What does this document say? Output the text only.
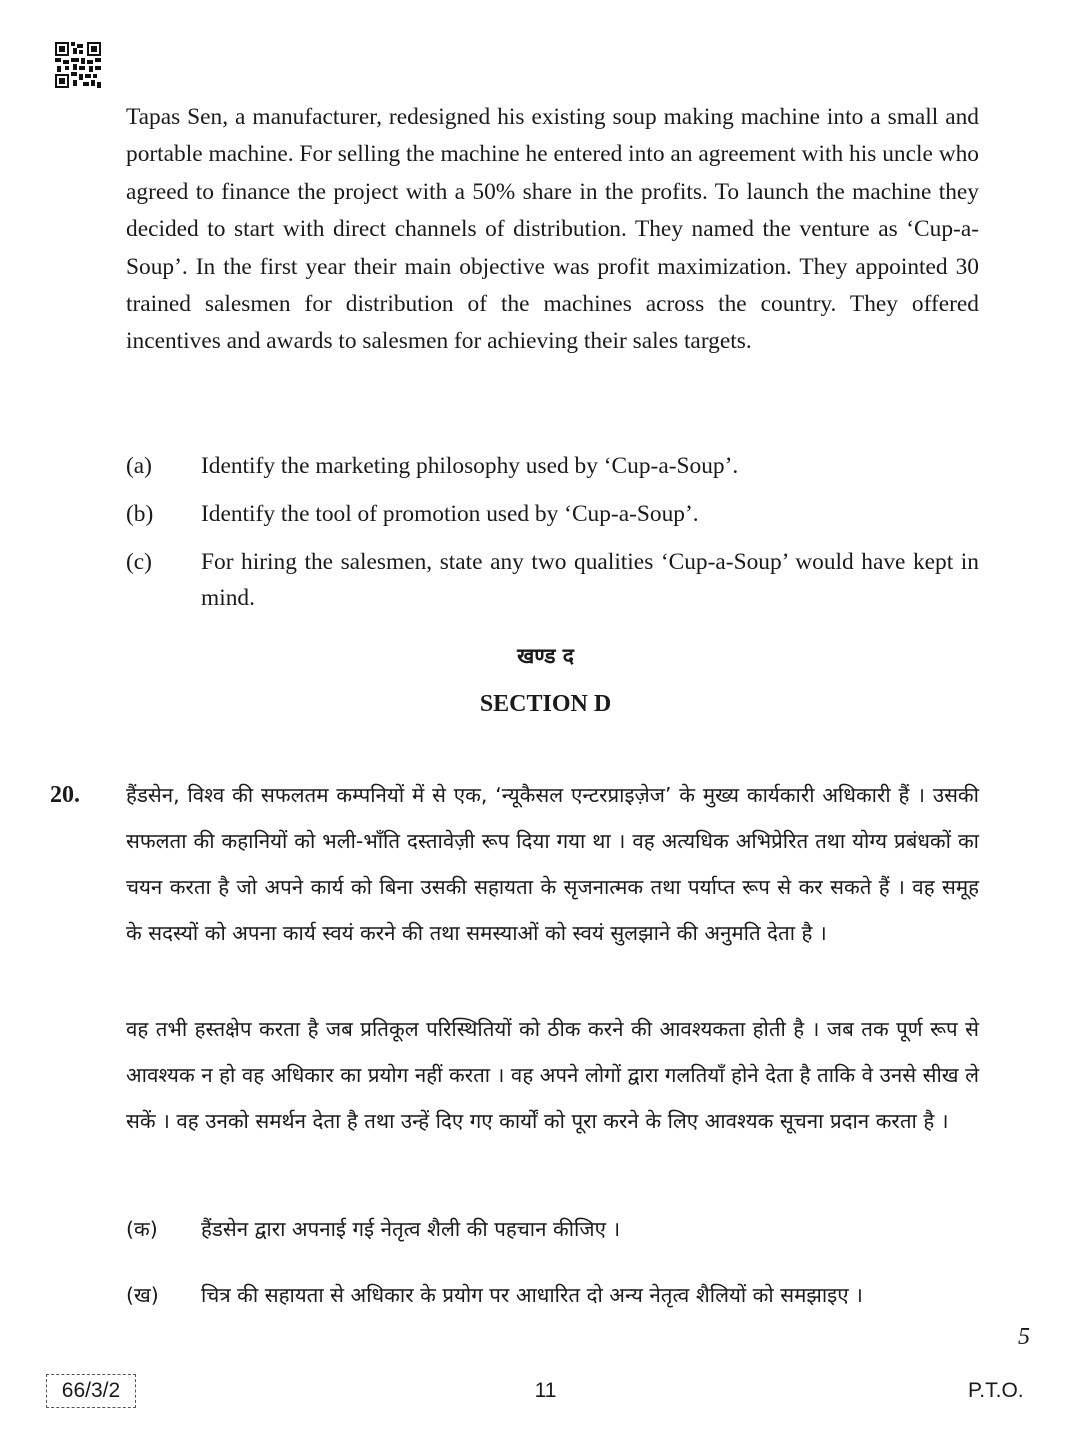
Tapas Sen, a manufacturer, redesigned his existing soup making machine into a small and portable machine. For selling the machine he entered into an agreement with his uncle who agreed to finance the project with a 50% share in the profits. To launch the machine they decided to start with direct channels of distribution. They named the venture as ‘Cup-a-Soup’. In the first year their main objective was profit maximization. They appointed 30 trained salesmen for distribution of the machines across the country. They offered incentives and awards to salesmen for achieving their sales targets.

(a) Identify the marketing philosophy used by ‘Cup-a-Soup’.
(b) Identify the tool of promotion used by ‘Cup-a-Soup’.
(c) For hiring the salesmen, state any two qualities ‘Cup-a-Soup’ would have kept in mind.
खण्ड द
SECTION D
20. हैंडसेन, विश्व की सफलतम कम्पनियों में से एक, ‘न्यूकैसल एन्टरप्राइज़ेज’ के मुख्य कार्यकारी अधिकारी हैं । उसकी सफलता की कहानियों को भली-भाँति दस्तावेज़ी रूप दिया गया था । वह अत्यधिक अभिप्रेरित तथा योग्य प्रबंधकों का चयन करता है जो अपने कार्य को बिना उसकी सहायता के सृजनात्मक तथा पर्याप्त रूप से कर सकते हैं । वह समूह के सदस्यों को अपना कार्य स्वयं करने की तथा समस्याओं को स्वयं सुलझाने की अनुमति देता है ।

वह तभी हस्तक्षेप करता है जब प्रतिकूल परिस्थितियों को ठीक करने की आवश्यकता होती है । जब तक पूर्ण रूप से आवश्यक न हो वह अधिकार का प्रयोग नहीं करता । वह अपने लोगों द्वारा गलतियाँ होने देता है ताकि वे उनसे सीख ले सकें । वह उनको समर्थन देता है तथा उन्हें दिए गए कार्यों को पूरा करने के लिए आवश्यक सूचना प्रदान करता है ।

(क) हैंडसेन द्वारा अपनाई गई नेतृत्व शैली की पहचान कीजिए ।
(ख) चित्र की सहायता से अधिकार के प्रयोग पर आधारित दो अन्य नेतृत्व शैलियों को समझाइए ।
5
66/3/2	11	P.T.O.
